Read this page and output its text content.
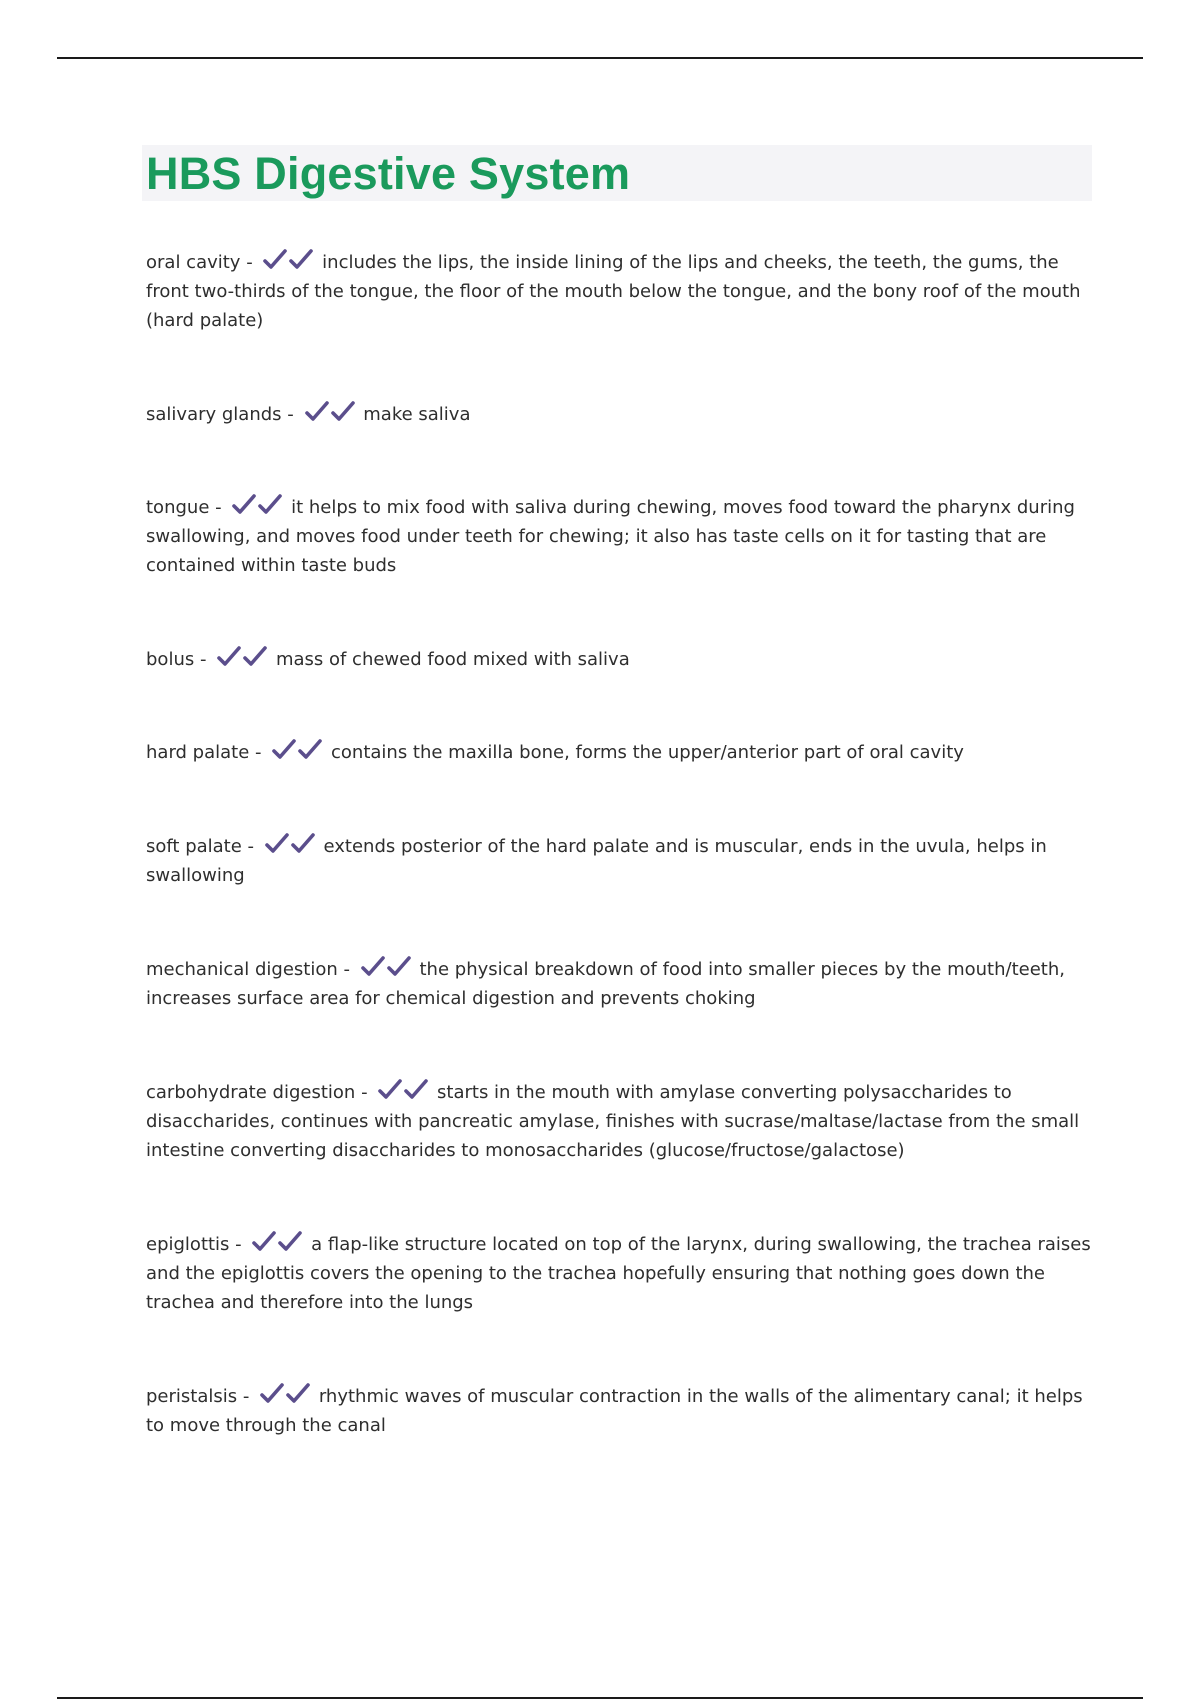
HBS Digestive System

oral cavity -	includes the lips, the inside lining of the lips and cheeks, the teeth, the gums, the front two-thirds of the tongue, the floor of the mouth below the tongue, and the bony roof of the mouth (hard palate)

salivary glands -	make saliva

tongue -	it helps to mix food with saliva during chewing, moves food toward the pharynx during swallowing, and moves food under teeth for chewing; it also has taste cells on it for tasting that are contained within taste buds

bolus -	mass of chewed food mixed with saliva

hard palate -	contains the maxilla bone, forms the upper/anterior part of oral cavity

soft palate -	extends posterior of the hard palate and is muscular, ends in the uvula, helps in swallowing

mechanical digestion -	the physical breakdown of food into smaller pieces by the mouth/teeth, increases surface area for chemical digestion and prevents choking

carbohydrate digestion -	starts in the mouth with amylase converting polysaccharides to disaccharides, continues with pancreatic amylase, finishes with sucrase/maltase/lactase from the small intestine converting disaccharides to monosaccharides (glucose/fructose/galactose)

epiglottis -	a flap-like structure located on top of the larynx, during swallowing, the trachea raises and the epiglottis covers the opening to the trachea hopefully ensuring that nothing goes down the trachea and therefore into the lungs

peristalsis -	rhythmic waves of muscular contraction in the walls of the alimentary canal; it helps to move through the canal
